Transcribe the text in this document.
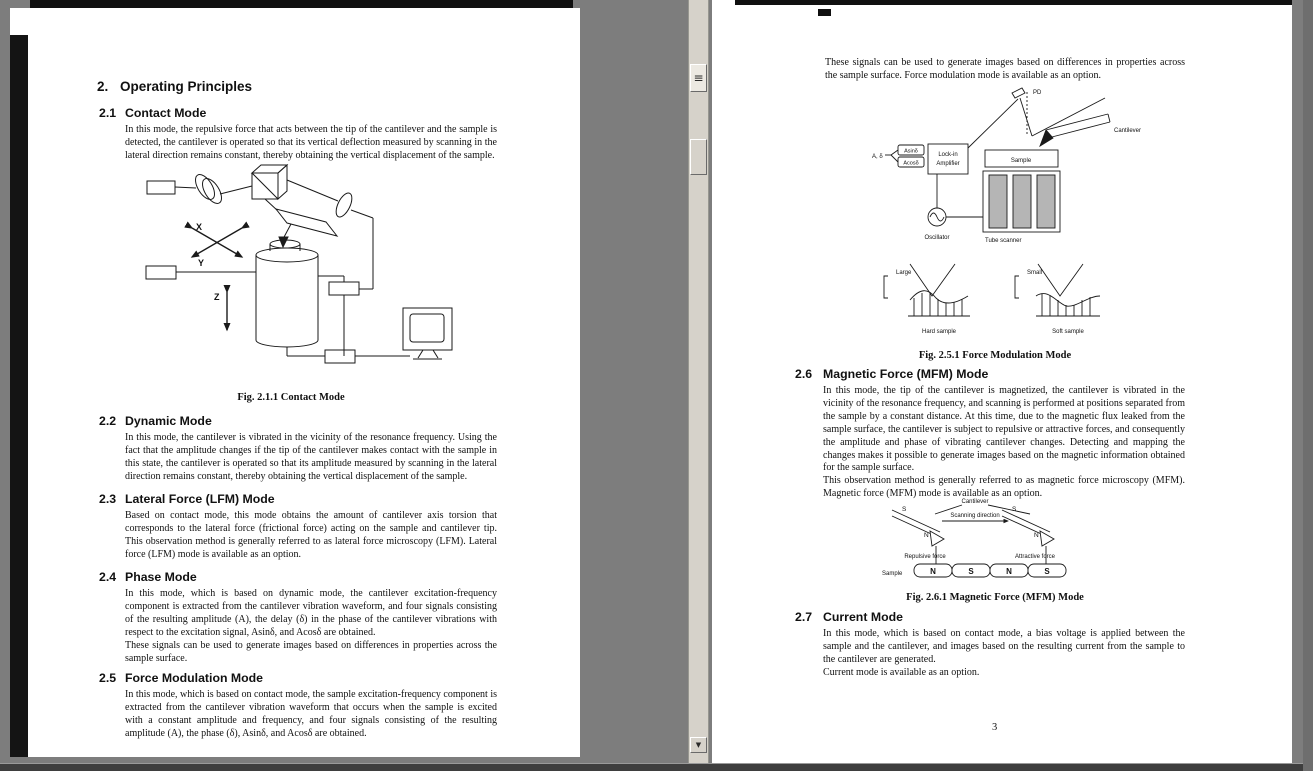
2. Operating Principles
2.1 Contact Mode

In this mode, the repulsive force that acts between the tip of the cantilever and the sample is detected, the cantilever is operated so that its vertical deflection measured by scanning in the lateral direction remains constant, thereby obtaining the vertical displacement of the sample.

X
Y
Z
Fig. 2.1.1 Contact Mode
2.2 Dynamic Mode

In this mode, the cantilever is vibrated in the vicinity of the resonance frequency. Using the fact that the amplitude changes if the tip of the cantilever makes contact with the sample in this state, the cantilever is operated so that its amplitude measured by scanning in the lateral direction remains constant, thereby obtaining the vertical displacement of the sample.

2.3 Lateral Force (LFM) Mode

Based on contact mode, this mode obtains the amount of cantilever axis torsion that corresponds to the lateral force (frictional force) acting on the sample and cantilever tip. This observation method is generally referred to as lateral force microscopy (LFM). Lateral force (LFM) mode is available as an option.

2.4 Phase Mode

In this mode, which is based on dynamic mode, the cantilever excitation-frequency component is extracted from the cantilever vibration waveform, and four signals consisting of the resulting amplitude (A), the delay (δ) in the phase of the cantilever vibrations with respect to the excitation signal, Asinδ, and Acosδ are obtained.

These signals can be used to generate images based on differences in properties across the sample surface.

2.5 Force Modulation Mode

In this mode, which is based on contact mode, the sample excitation-frequency component is extracted from the cantilever vibration waveform that occurs when the sample is excited with a constant amplitude and frequency, and four signals consisting of the resulting amplitude (A), the phase (δ), Asinδ, and Acosδ are obtained.

≡
▼
These signals can be used to generate images based on differences in properties across the sample surface. Force modulation mode is available as an option.
PD
Cantilever
Sample
Lock-in
Amplifier
Asinδ
Acosδ
A, δ
Oscillator	Tube scanner
Large	Small
Hard sample	Soft sample
Fig. 2.5.1 Force Modulation Mode
2.6 Magnetic Force (MFM) Mode

In this mode, the tip of the cantilever is magnetized, the cantilever is vibrated in the vicinity of the resonance frequency, and scanning is performed at positions separated from the sample by a constant distance. At this time, due to the magnetic flux leaked from the sample surface, the cantilever is subject to repulsive or attractive forces, and consequently the amplitude and phase of vibrating cantilever changes. Detecting and mapping the changes makes it possible to generate images based on the magnetic information obtained for the sample surface.

This observation method is generally referred to as magnetic force microscopy (MFM). Magnetic force (MFM) mode is available as an option.

Cantilever
Scanning direction
S
N
S
N
Repulsive force	Attractive force
Sample	N	S	N	S
Fig. 2.6.1 Magnetic Force (MFM) Mode
2.7 Current Mode

In this mode, which is based on contact mode, a bias voltage is applied between the sample and the cantilever, and images based on the resulting current from the sample to the cantilever are generated.

Current mode is available as an option.

3
